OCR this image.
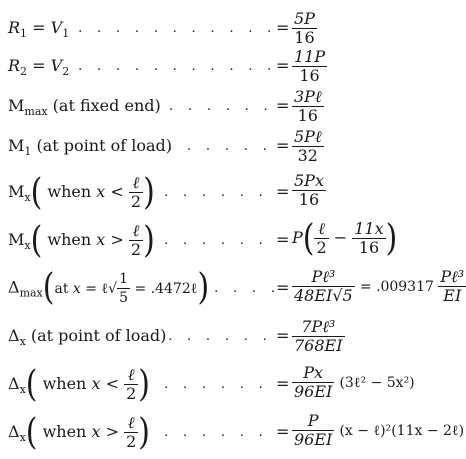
$R_1 = V_1$ . . . . . . . . . . . = $\frac{5P}{16}$
$R_2 = V_2$ . . . . . . . . . . . = $\frac{11P}{16}$
$M_{max}$ (at fixed end)
. . . . . . . = $\frac{\text{3Pℓ}}{16}$
$M_1$ (at point of load)
. . . . . . = $\frac{\text{5Pℓ}}{32}$
$M_x$( when $x < \frac{\text{ℓ}}{2}$ ) . . . . . . = $\frac{5Px}{16}$
$M_x$( when $x > \frac{\text{ℓ}}{2}$ ) . . . . . . = $P( \frac{\text{ℓ}}{2} - \frac{11x}{16}$ )
$\Delta_{max}(at$ x = ℓ√ $\frac{1}{5}$ = .4472ℓ) . . . .
= $\frac{\text{Pℓ³}}{48EI√5} = .009317 \frac{\text{Pℓ³}}{EI}$
$\Delta_x$ (at point of load) . . . . . . = $\frac{\text{7Pℓ³}}{768EI}$
$\Delta_x$( when $x < \frac{\text{ℓ}}{2}$ ) . . . . . . = $\frac{Px}{96EI}$ (3ℓ² − 5x²)
$\Delta_x$( when $x > \frac{\text{ℓ}}{2}$ ) . . . . . . = $\frac{P}{96EI} (x$ − ℓ)²(11x − 2ℓ)
